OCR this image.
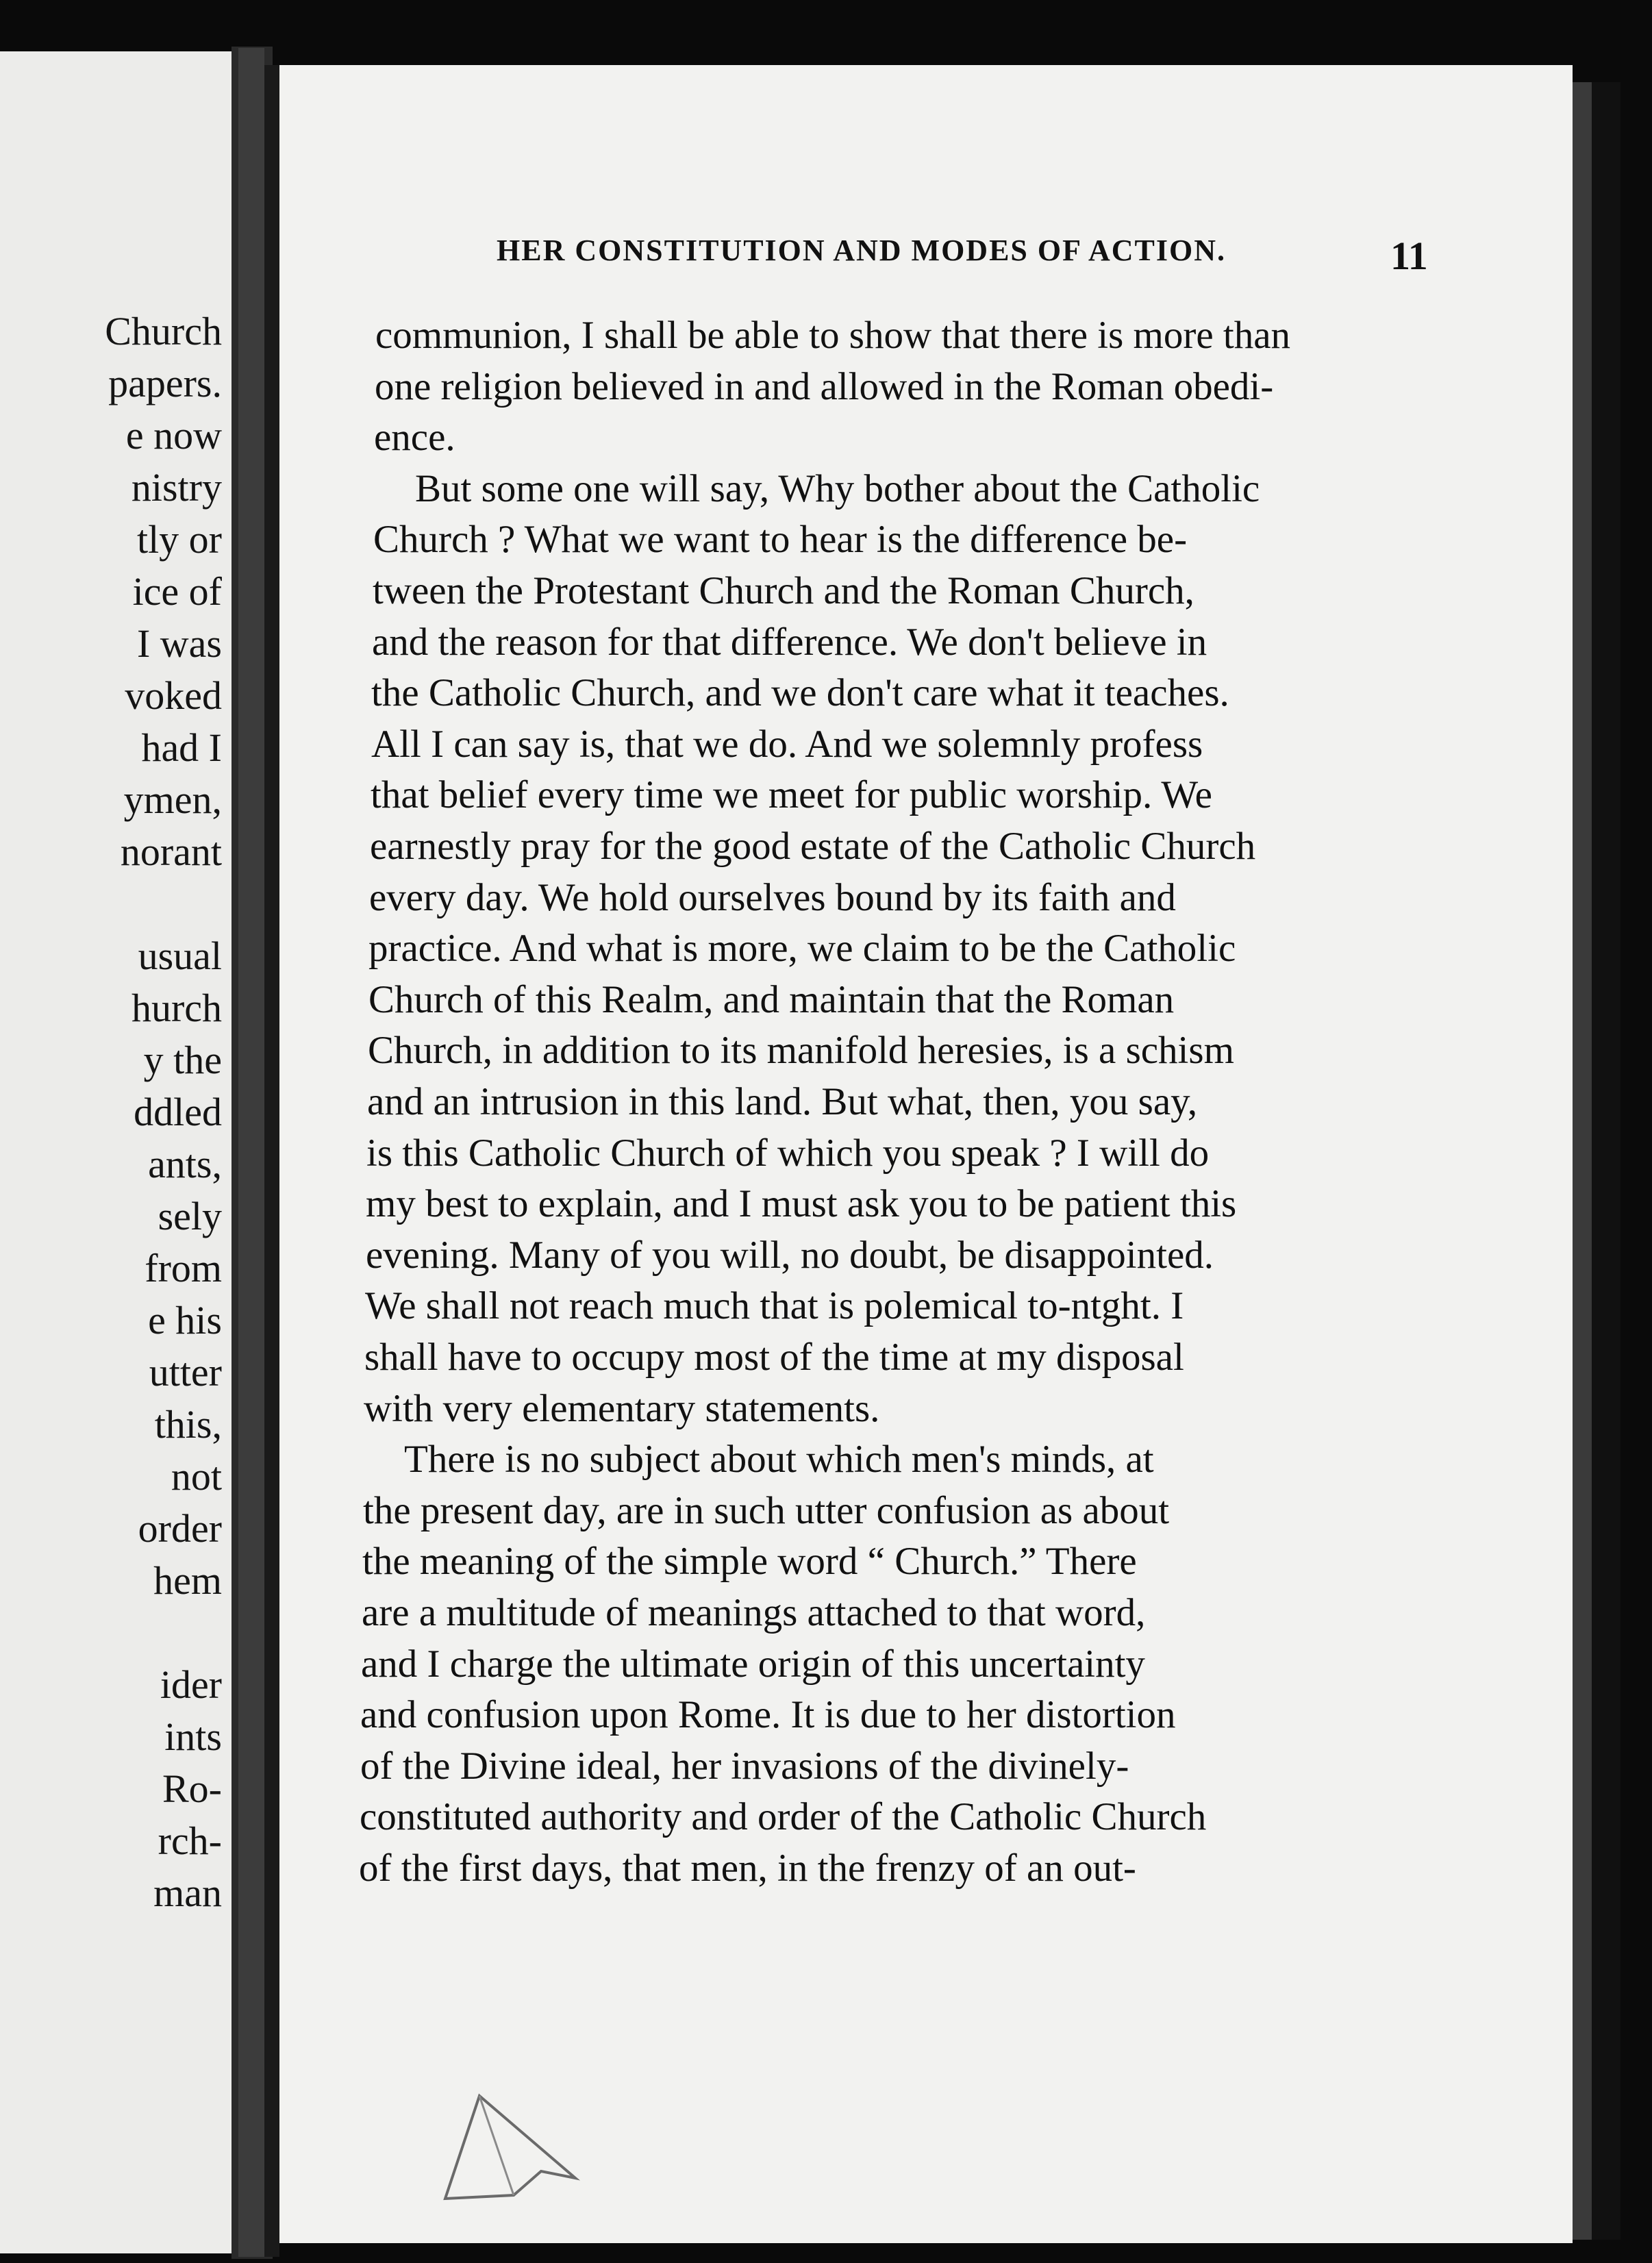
Church
papers.
e now
nistry
tly or
ice of
I was
voked
had I
ymen,
norant
usual
hurch
y the
ddled
ants,
sely
from
e his
utter
this,
not
order
hem
ider
ints
Ro-
rch-
man
HER CONSTITUTION AND MODES OF ACTION.	11
communion, I shall be able to show that there is more than
one religion believed in and allowed in the Roman obedi-
ence.
But some one will say, Why bother about the Catholic
Church ? What we want to hear is the difference be-
tween the Protestant Church and the Roman Church,
and the reason for that difference. We don't believe in
the Catholic Church, and we don't care what it teaches.
All I can say is, that we do. And we solemnly profess
that belief every time we meet for public worship. We
earnestly pray for the good estate of the Catholic Church
every day. We hold ourselves bound by its faith and
practice. And what is more, we claim to be the Catholic
Church of this Realm, and maintain that the Roman
Church, in addition to its manifold heresies, is a schism
and an intrusion in this land. But what, then, you say,
is this Catholic Church of which you speak ? I will do
my best to explain, and I must ask you to be patient this
evening. Many of you will, no doubt, be disappointed.
We shall not reach much that is polemical to-ntght. I
shall have to occupy most of the time at my disposal
with very elementary statements.
There is no subject about which men's minds, at
the present day, are in such utter confusion as about
the meaning of the simple word “ Church.” There
are a multitude of meanings attached to that word,
and I charge the ultimate origin of this uncertainty
and confusion upon Rome. It is due to her distortion
of the Divine ideal, her invasions of the divinely-
constituted authority and order of the Catholic Church
of the first days, that men, in the frenzy of an out-
